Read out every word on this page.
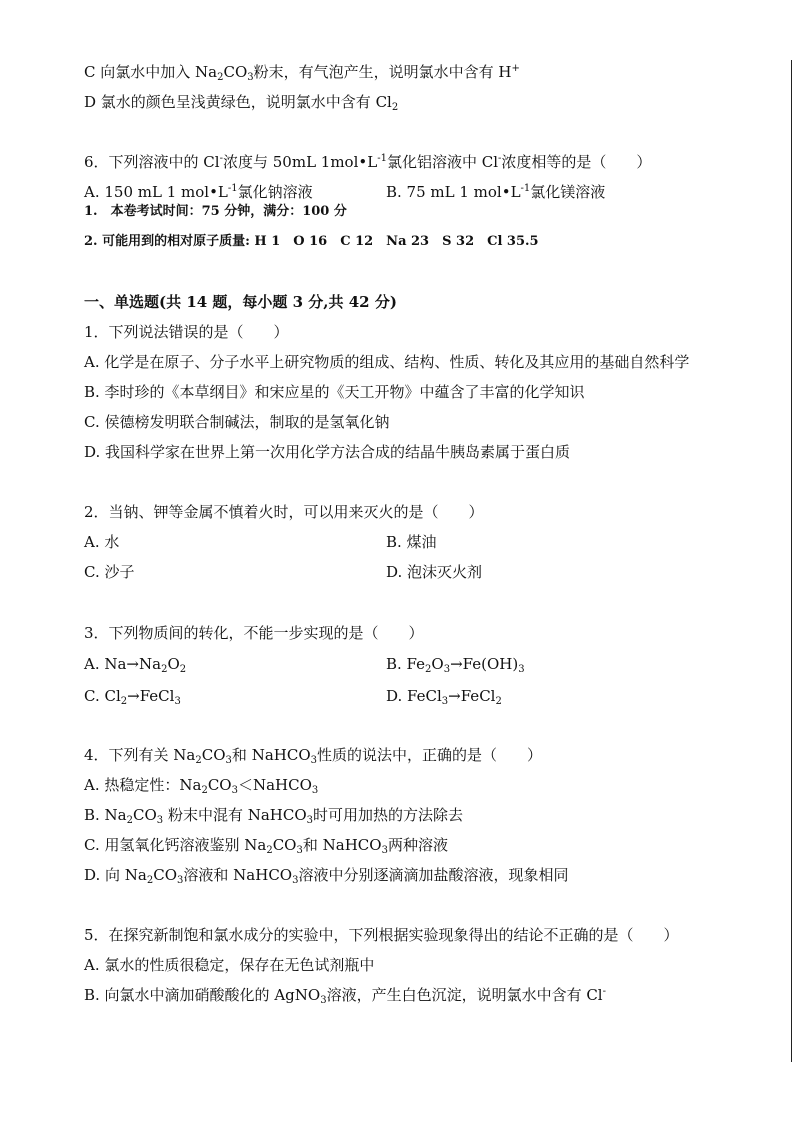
C 向氯水中加入 $Na_2CO_3$粉末，有气泡产生，说明氯水中含有 H+
D 氯水的颜色呈浅黄绿色，说明氯水中含有 $Cl_2$
6．下列溶液中的 Cl-浓度与 50mL $1mol•L^{-1}$氯化铝溶液中 Cl-浓度相等的是（　　）
A. 150 mL 1 $mol•L^{-1}$氯化钠溶液	B. 75 mL 1 $mol•L^{-1}$氯化镁溶液
1.　本卷考试时间：75 分钟，满分：100 分
2. 可能用到的相对原子质量: H 1　O 16　C 12　Na 23　S 32　Cl 35.5
一、单选题(共 14 题，每小题 3 分,共 42 分)
1．下列说法错误的是（　　）
A. 化学是在原子、分子水平上研究物质的组成、结构、性质、转化及其应用的基础自然科学
B. 李时珍的《本草纲目》和宋应星的《天工开物》中蕴含了丰富的化学知识
C. 侯德榜发明联合制碱法，制取的是氢氧化钠
D. 我国科学家在世界上第一次用化学方法合成的结晶牛胰岛素属于蛋白质
2．当钠、钾等金属不慎着火时，可以用来灭火的是（　　）
A. 水	B. 煤油
C. 沙子	D. 泡沫灭火剂
3．下列物质间的转化，不能一步实现的是（　　）
A. $Na\to Na_2O_2$	B. $Fe_2O_3\to Fe(OH)_3$
C. $Cl_2\to FeCl_3$	D. FeCl$_3$→FeCl$_2$
4．下列有关 $Na_2CO_3$和 NaHCO$_3$性质的说法中，正确的是（　　）
A. 热稳定性：$Na_2CO_3<NaHCO_3$
B. $Na_2CO_3$ 粉末中混有 NaHCO$_3$时可用加热的方法除去
C. 用氢氧化钙溶液鉴别 $Na_2CO_3$和 NaHCO$_3$两种溶液
D. 向 $Na_2CO_3$溶液和 NaHCO$_3$溶液中分别逐滴滴加盐酸溶液，现象相同
5．在探究新制饱和氯水成分的实验中，下列根据实验现象得出的结论不正确的是（　　）
A. 氯水的性质很稳定，保存在无色试剂瓶中
B. 向氯水中滴加硝酸酸化的 AgNO$_3$溶液，产生白色沉淀，说明氯水中含有 Cl-
